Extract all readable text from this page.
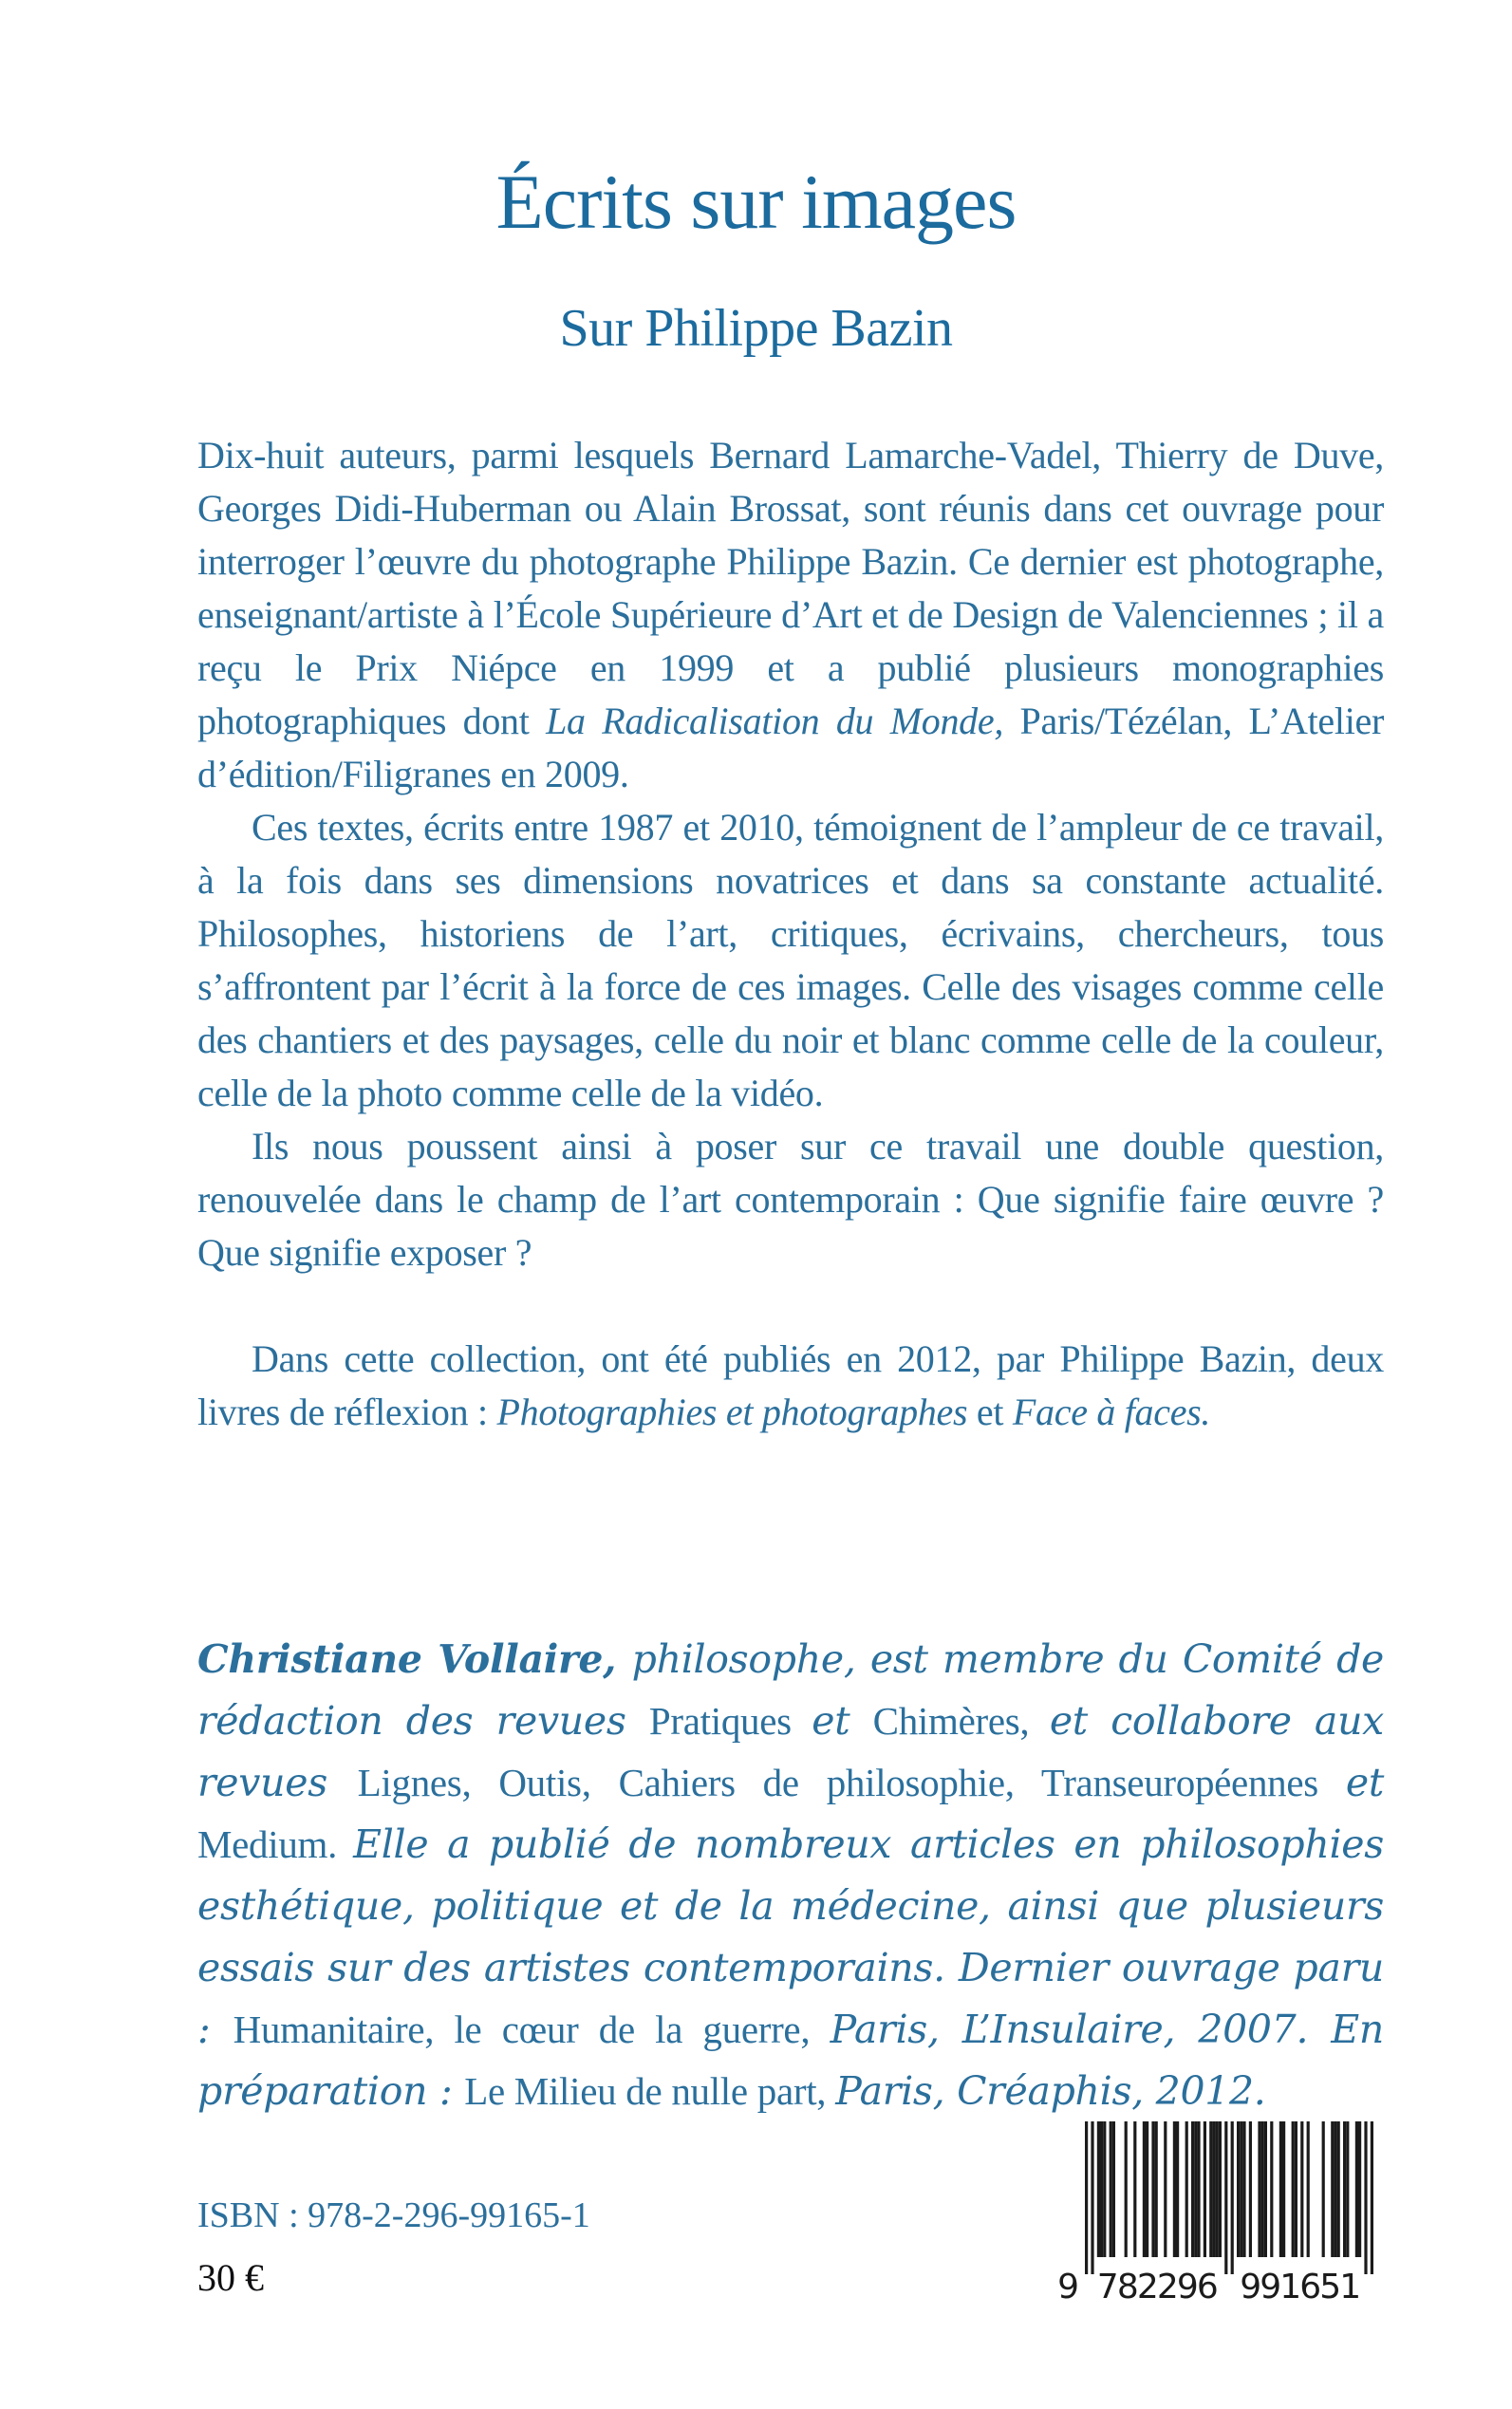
Écrits sur images
Sur Philippe Bazin

Dix-huit auteurs, parmi lesquels Bernard Lamarche-Vadel, Thierry de Duve, Georges Didi-Huberman ou Alain Brossat, sont réunis dans cet ouvrage pour interroger l’œuvre du photographe Philippe Bazin. Ce dernier est photographe, enseignant/artiste à l’École Supérieure d’Art et de Design de Valenciennes ; il a reçu le Prix Niépce en 1999 et a publié plusieurs monographies photographiques dont La Radicalisation du Monde, Paris/Tézélan, L’Atelier d’édition/Filigranes en 2009.

Ces textes, écrits entre 1987 et 2010, témoignent de l’ampleur de ce travail, à la fois dans ses dimensions novatrices et dans sa constante actualité. Philosophes, historiens de l’art, critiques, écrivains, chercheurs, tous s’affrontent par l’écrit à la force de ces images. Celle des visages comme celle des chantiers et des paysages, celle du noir et blanc comme celle de la couleur, celle de la photo comme celle de la vidéo.

Ils nous poussent ainsi à poser sur ce travail une double question, renouvelée dans le champ de l’art contemporain : Que signifie faire œuvre ? Que signifie exposer ?

Dans cette collection, ont été publiés en 2012, par Philippe Bazin, deux livres de réflexion : Photographies et photographes et Face à faces.

Christiane Vollaire, philosophe, est membre du Comité de rédaction des revues Pratiques et Chimères, et collabore aux revues Lignes, Outis, Cahiers de philosophie, Transeuropéennes et Medium. Elle a publié de nombreux articles en philosophies esthétique, politique et de la médecine, ainsi que plusieurs essais sur des artistes contemporains. Dernier ouvrage paru : Humanitaire, le cœur de la guerre, Paris, L’Insulaire, 2007. En préparation : Le Milieu de nulle part, Paris, Créaphis, 2012.
ISBN : 978-2-296-99165-1
30 €	9 782296 991651
